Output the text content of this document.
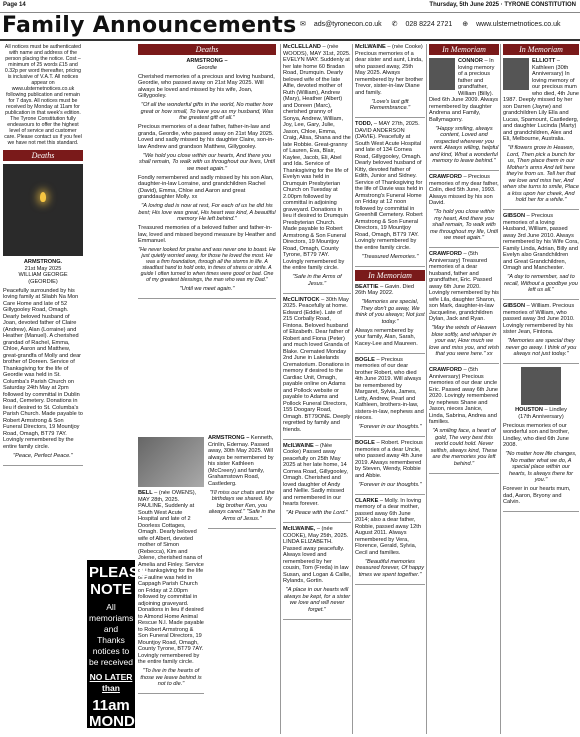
Page 14	Thursday, 5th June 2025 · TYRONE CONSTITUTION
Family Announcements ✉ ads@tyronecon.co.uk ✆ 028 8224 2721 ⊕ www.ulsternetnotices.co.uk
All notices must be authenticated with name and address of the person placing the notice. Cost – minimum of 25 words £15 and 0.32p per word thereafter, pricing is inclusive of V.A.T. All notices appear on www.ulsternetnotices.co.uk following publication and remain for 7 days. All notices must be received by Monday at 11am for publication in that week's edition. The Tyrone Constitution fully endeavours to offer the highest level of service and customer care. Please contact us if you feel we have not met this standard.
Deaths

ARMSTRONG.
21st May 2025
WILLIAM GEORGE (GEORDIE)

Peacefully surrounded by his loving family at Sliabh Na Mon Care Home and late of 52 Gillygooley Road, Omagh. Dearly beloved husband of Joan, devoted father of Claire (Andrew), Alan (Lorraine) and Heather (Manuel). A cherished grandad of Rachel, Emma, Chloe, Aaron and Matthew, great-grandfa of Molly and dear brother of Doreen. Service of Thanksgiving for the life of Geordie was held in St. Columba's Parish Church on Saturday 24th May at 2pm followed by committal in Dublin Road, Cemetery. Donations in lieu if desired to St. Columba's Parish Church. Made payable to Robert Armstrong & Son Funeral Directors, 19 Mountjoy Road, Omagh, BT79 7AY. Lovingly remembered by the entire family circle.

"Peace, Perfect Peace."

Deaths

ARMSTRONG –
Geordie

Cherished memories of a precious and loving husband, Geordie, who passed away on 21st May 2025. Will always be loved and missed by his wife, Joan, Gillygooley.

"Of all the wonderful gifts in the world, No matter how great or how small, To have you as my husband, Was the greatest gift of all."

Precious memories of a dear father, father-in-law and granda, Geordie, who passed away on 21st May 2025. Loved and sadly missed by his daughter Claire, son-in-law Andrew and grandson Matthew, Gillygooley.

"We hold you close within our hearts, And there you shall remain, To walk with us throughout our lives, Until we meet again."

Fondly remembered and sadly missed by his son Alan, daughter-in-law Lorraine, and grandchildren Rachel (David), Emma, Chloe and Aaron and great granddaughter Molly. xx

"A loving dad is now at rest, For each of us he did his best; His love was great, His heart was kind, A beautiful memory He left behind."

Treasured memories of a beloved father and father-in-law, loved and missed beyond measure by Heather and Emmanuel.

"He never looked for praise and was never one to boast. He just quietly worried away, for those he loved the most. He was a firm foundation, through all the storms in life. A steadfast hand to hold onto, in times of stress or strife. A guide I often turned to when times were good or bad. One of my greatest blessings, the man who was my Dad."

"Until we meet again."

BELL – (née OWENS), MAY 28th, 2025. PAULINE, Suddenly at South West Acute Hospital and late of 2 Doorless Cottages, Omagh. Dearly beloved wife of Albert, devoted mother of Simon (Rebecca), Kim and Jolene, cherished nana of Amelia and Finley. Service of Thanksgiving for the life of Pauline was held in Cappagh Parish Church on Friday at 2.00pm followed by committal in adjoining graveyard. Donations in lieu if desired to Almond Home Animal Rescue N.I. Made payable to Robert Armstrong & Son Funeral Directors, 19 Mountjoy Road, Omagh, County Tyrone, BT79 7AY. Lovingly remembered by the entire family circle.

"To live in the hearts of those we leave behind is not to die."

ARMSTRONG – Kenneth, Crinlin, Edernay. Passed away, 30th May 2025. Will always be remembered by his sister Kathleen (McCreery) and family, Grahamstown Road, Castlederg.

"I'll miss our chats and the birthdays we shared. My big brother Ken, you always cared." "Safe in the Arms of Jesus."

PLEASE NOTE
All memoriams and Thanks notices to be received
NO LATER than
11am MONDAY

McCLELLAND – (née WOODS), MAY 31st, 2025. EVELYN MAY. Suddenly at her late home 60 Bradan Road, Drumquin. Dearly beloved wife of the late Alfie, devoted mother of Ruth (William), Andrew (Mary), Heather (Albert) and Doreen (Marc), cherished granny of Sonya, Andrew, William, Joy, Lee, Gary, Julie, Jason, Chloe, Emma, Craig, Alisa, Shana and the late Robbie. Great-granny of Lauren, Eva, Blair, Kaylee, Jacob, Eli, Abel and Ida. Service of Thanksgiving for the life of Evelyn was held in Drumquin Presbyterian Church on Tuesday at 2.00pm followed by committal in adjoining graveyard. Donations in lieu if desired to Drumquin Presbyterian Church. Made payable to Robert Armstrong & Son Funeral Directors, 19 Mountjoy Road, Omagh, County Tyrone, BT79 7AY. Lovingly remembered by the entire family circle.

"Safe in the Arms of Jesus."

McCLINTOCK – 30th May 2025. Peacefully at home. Edward (Eddie). Late of 215 Corbally Road, Fintona. Beloved husband of Elizabeth. Dear father of Robert and Fiona (Peter) and much loved Granda of Blake. Cremated Monday 2nd June in Lakelands Crematorium. Donations in memory if desired to the Cardiac Unit, Omagh, payable online on Adams and Pollock website or payable to Adams and Pollock Funeral Directors, 155 Doogary Road, Omagh. BT79ONE. Deeply regretted by family and friends.

McILWAINE – (Née Cooke) Passed away peacefully on 25th May 2025 at her late home, 14 Cornea Road, Gillygooley, Omagh. Cherished and loved daughter of Andy and Nellie. Sadly missed and remembered in our hearts forever.

"At Peace with the Lord."

McILWAINE, – (née COOKE), May 25th, 2025. LINDA ELIZABETH. Passed away peacefully. Always loved and remembered by her cousin, Tom (Freda) in law Susan, and Logan & Callie, Rylands, Gortin.

"A place in our hearts will always be kept, for a sister we love and will never forget."

McILWAINE – (née Cooke) Precious memories of a dear sister and aunt, Linda, who passed away, 25th May 2025. Always remembered by her brother Trevor, sister-in-law Diane and family.

"Love's last gift Remembrance."

TODD, – MAY 27th, 2025. DAVID ANDERSON (DAVIE). Peacefully at South West Acute Hospital and late of 134 Cornea Road, Gillygooley, Omagh. Dearly beloved husband of Kitty, devoted father of Edith, Junior and Sidney. Service of Thanksgiving for the life of Davie was held in Armstrong's Funeral Home on Friday at 12 noon followed by committal in Greenhill Cemetery. Robert Armstrong & Son Funeral Directors, 19 Mountjoy Road, Omagh, BT79 7AY. Lovingly remembered by the entire family circle.

"Treasured Memories."

In Memoriam

BEATTIE – Gavin. Died 26th May 2022.

"Memories are special, They don't go away, We think of you always; Not just today."

Always remembered by your family, Alan, Sarah, Kacey-Lee and Maureen.

BOGLE – Precious memories of our dear brother Robert, who died 4th June 2019. Will always be remembered by Margaret, Sylvia, James, Letty, Andrew, Pearl and Kathleen, brothers-in-law, sisters-in-law, nephews and nieces.

"Forever in our thoughts."

BOGLE – Robert. Precious memories of a dear Uncle, who passed away 4th June 2019. Always remembered by Steven, Wendy, Robbie and Abbie.

"Forever in our thoughts."

CLARKE – Molly. In loving memory of a dear mother, passed away 6th June 2014; also a dear father, Robbie, passed away 12th August 2011. Always remembered by Vera, Florence, Gerald, Sylvia, Cecil and families.

"Beautiful memories treasured forever, Of happy times we spent together."

In Memoriam

CONNOR – In loving memory of a precious father and grandfather, William (Billy). Died 6th June 2009. Always remembered by daughter Andrena and Family, Ballymagorry.

"Happy smiling, always content, Loved and respected wherever you went. Always willing, helpful and kind, What a wonderful memory to leave behind."

CRAWFORD – Precious memories of my dear father, Colin, died 5th June, 1993. Always missed by his son David.

"To hold you close within my heart, And there you shall remain, To walk with me throughout my life, Until we meet again."

CRAWFORD – (5th Anniversary) Treasured memories of a dear husband, father and grandfather, Eric. Passed away 6th June 2020. Lovingly remembered by his wife Lila, daughter Sharon, son Mark, daughter-in-law Jacqueline, grandchildren Dylan, Jack and Ryan.

"May the winds of Heaven blow softly, and whisper in your ear, How much we love and miss you, and wish that you were here." xx

CRAWFORD – (5th Anniversary) Precious memories of our dear uncle Eric. Passed away 6th June 2020. Lovingly remembered by nephews Shane and Jason, nieces Janice, Linda, Sabrina, Andrea and families.

"A smiling face, a heart of gold, The very best this world could hold. Never selfish, always kind, These are the memories you left behind."

In Memoriam

ELLIOTT – Kathleen (30th Anniversary) In loving memory of our precious mum who died, 4th June 1987. Deeply missed by her son Darren (Jayne) and grandchildren Lily Ella and Lucas, Spamount, Castlederg, and daughter Lucinda (Marty) and grandchildren, Alex and Eli, Melbourne, Australia.

"If flowers grow in Heaven, Lord, Then pick a bunch for us, Then place them in our Mother's arms And tell here they're from us. Tell her that we love and miss her, And when she turns to smile, Place a kiss upon her cheek, And hold her for a while."

GIBSON – Precious memories of a loving Husband, William, passed away 3rd June 2010. Always remembered by his Wife Cora, Family Linda, Adrian, Billy and Evelyn also Grandchildren and Great Grandchildren, Omagh and Manchester.

"A day to remember, sad to recall, Without a goodbye you left us all."

GIBSON – William. Precious memories of William, who passed away 3rd June 2010. Lovingly remembered by his sister Jean, Fintona.

"Memories are special they never go away. I think of you always not just today."

HOUSTON – Lindley
(17th Anniversary)

Precious memories of our wonderful son and brother, Lindley, who died 6th June 2008.

"No matter how life changes, No matter what we do, A special place within our hearts, Is always there for you."

Forever in our hearts mum, dad, Aaron, Bryony and Calvin.
